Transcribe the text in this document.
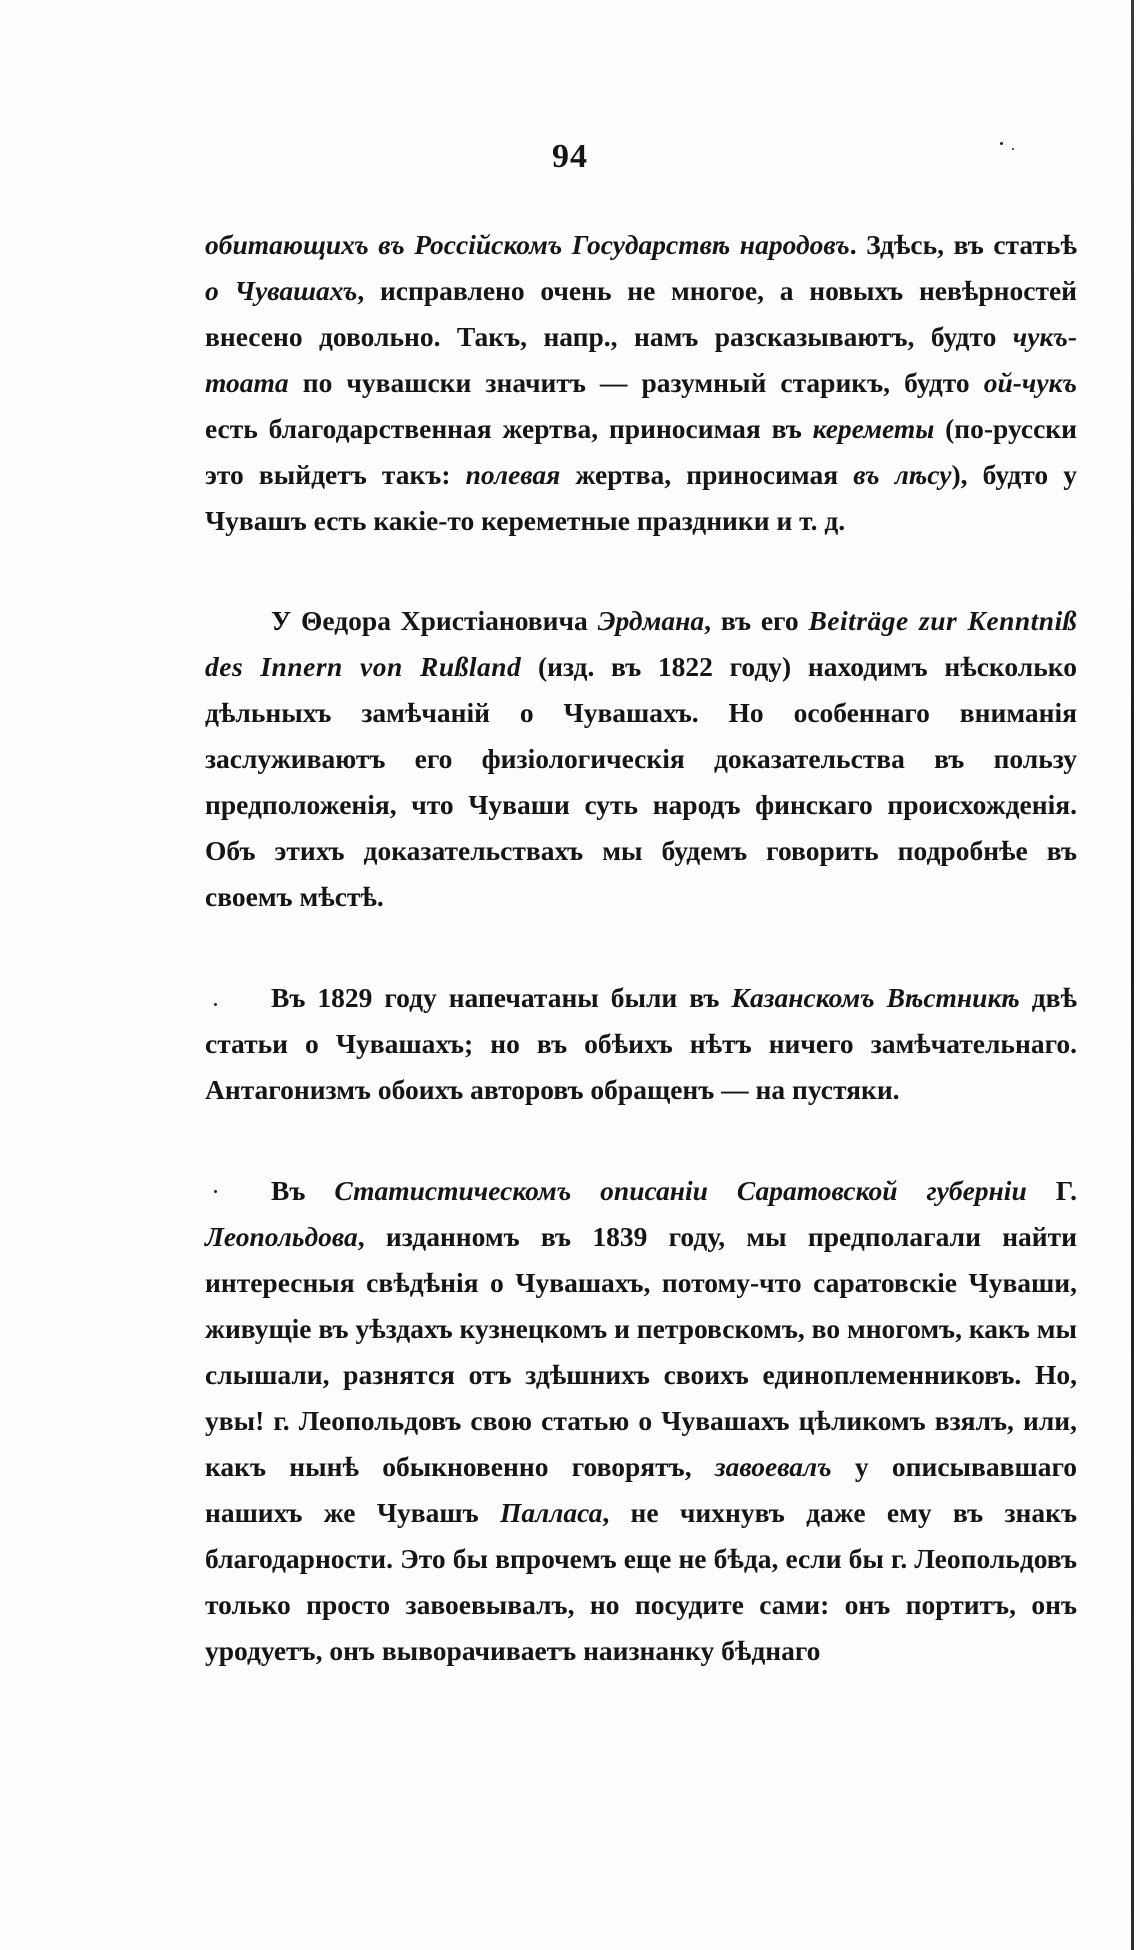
94

обитающихъ въ Россійскомъ Государствѣ народовъ. Здѣсь, въ статьѣ о Чувашахъ, исправлено очень не многое, а новыхъ невѣрностей внесено довольно. Такъ, напр., намъ разсказываютъ, будто чукъ-тоата по чувашски значитъ — разумный старикъ, будто ой-чукъ есть благодарственная жертва, приносимая въ кереметы (по-русски это выйдетъ такъ: полевая жертва, приносимая въ лѣсу), будто у Чувашъ есть какіе-то кереметные праздники и т. д.

У Θедора Христіановича Эрдмана, въ его Beiträge zur Kenntniß des Innern von Rußland (изд. въ 1822 году) находимъ нѣсколько дѣльныхъ замѣчаній о Чувашахъ. Но особеннаго вниманія заслуживаютъ его физіологическія доказательства въ пользу предположенія, что Чуваши суть народъ финскаго происхожденія. Объ этихъ доказательствахъ мы будемъ говорить подробнѣе въ своемъ мѣстѣ.

Въ 1829 году напечатаны были въ Казанскомъ Вѣстникѣ двѣ статьи о Чувашахъ; но въ обѣихъ нѣтъ ничего замѣчательнаго. Антагонизмъ обоихъ авторовъ обращенъ — на пустяки.

Въ Статистическомъ описаніи Саратовской губерніи Г. Леопольдова, изданномъ въ 1839 году, мы предполагали найти интересныя свѣдѣнія о Чувашахъ, потому-что саратовскіе Чуваши, живущіе въ уѣздахъ кузнецкомъ и петровскомъ, во многомъ, какъ мы слышали, разнятся отъ здѣшнихъ своихъ единоплеменниковъ. Но, увы! г. Леопольдовъ свою статью о Чувашахъ цѣликомъ взялъ, или, какъ нынѣ обыкновенно говорятъ, завоевалъ у описывавшаго нашихъ же Чувашъ Палласа, не чихнувъ даже ему въ знакъ благодарности. Это бы впрочемъ еще не бѣда, если бы г. Леопольдовъ только просто завоевывалъ, но посудите сами: онъ портитъ, онъ уродуетъ, онъ выворачиваетъ наизнанку бѣднаго
